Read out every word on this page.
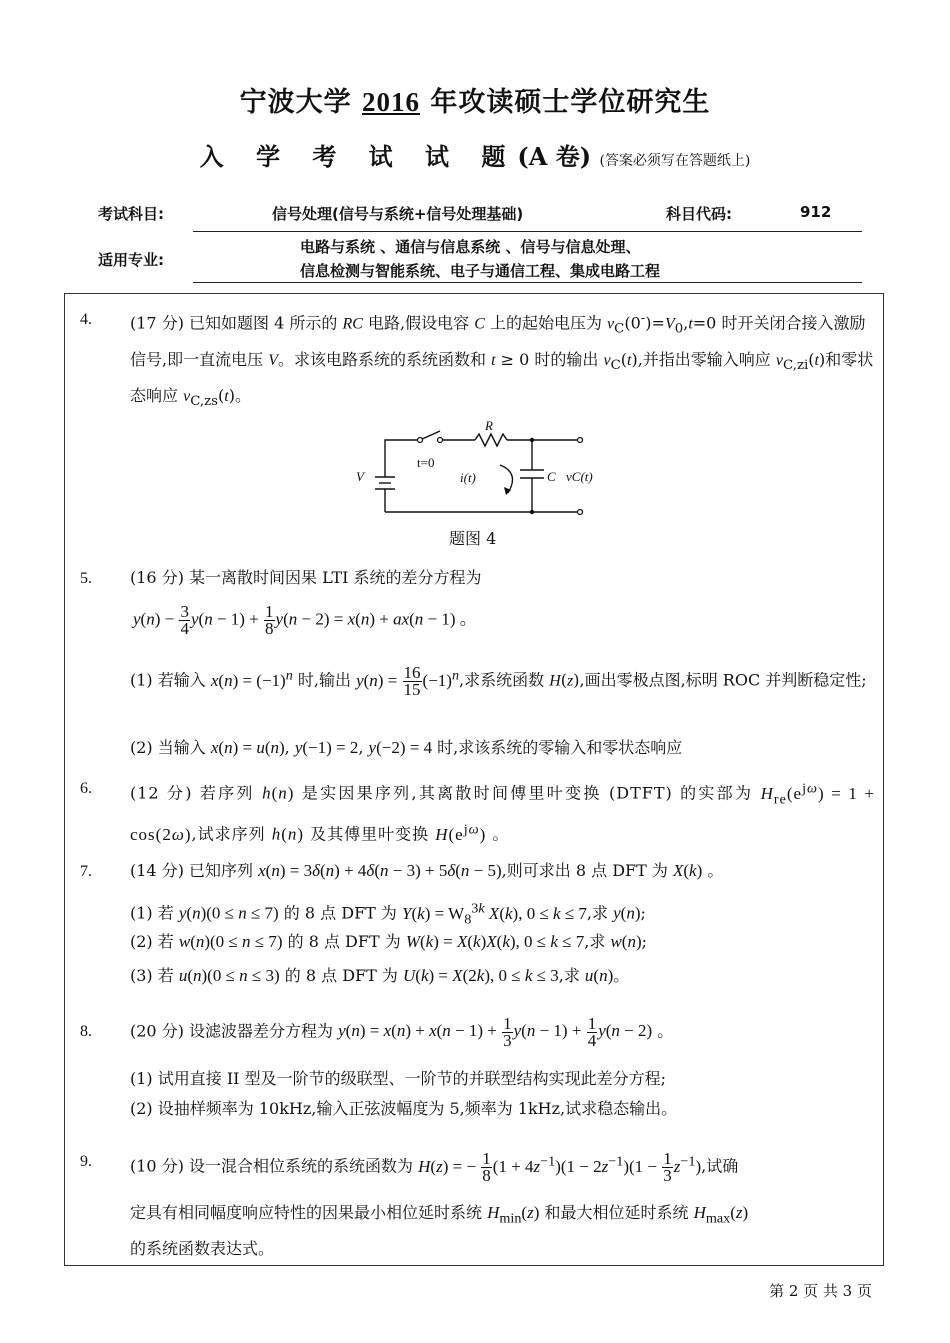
宁波大学 2016 年攻读硕士学位研究生
入 学 考 试 试 题(A 卷) (答案必须写在答题纸上)
考试科目:	信号处理(信号与系统+信号处理基础)	科目代码:	912
适用专业:
电路与系统 、通信与信息系统 、信号与信息处理、
信息检测与智能系统、电子与通信工程、集成电路工程
4. (17 分) 已知如题图 4 所示的 RC 电路,假设电容 C 上的起始电压为 $v_C(0^-)=V_0,t=0$ 时开关闭合接入激励信号,即一直流电压 V。求该电路系统的系统函数和 t ≥ 0 时的输出 $v_C(t)$,并指出零输入响应 $v_{C,zi}(t)$和零状态响应 $v_{C,zs}(t)$。
V
R
t=0
i(t)	C vC(t)
题图 4
5. (16 分) 某一离散时间因果 LTI 系统的差分方程为
$y(n) - \frac{3}{4} y(n - 1) + \frac{1}{8} y(n - 2) = x(n) + ax(n - 1)$ 。
(1) 若输入 $x(n) = (-1)^n$ 时,输出 $y(n) = \frac{16}{15} (-1)^n$,求系统函数 H(z),画出零极点图,标明 ROC 并判断稳定性;
(2) 当输入 x(n) = u(n), y(−1) = 2, y(−2) = 4 时,求该系统的零输入和零状态响应
6. (12 分) 若序列 h(n) 是实因果序列,其离散时间傅里叶变换 (DTFT) 的实部为 $H_{re}(e^{j\omega}) = 1 + \cos(2\omega)$,试求序列 h(n) 及其傅里叶变换 $H(e^{j\omega})$ 。
7. (14 分) 已知序列 x(n) = 3δ(n) + 4δ(n − 3) + 5δ(n − 5),则可求出 8 点 DFT 为 X(k) 。
(1) 若 y(n)(0 ≤ n ≤ 7) 的 8 点 DFT 为 $Y(k) = W_8^{3k}$ X(k), 0 ≤ k ≤ 7,求 y(n);
(2) 若 w(n)(0 ≤ n ≤ 7) 的 8 点 DFT 为 W(k) = X(k)X(k), 0 ≤ k ≤ 7,求 w(n);
(3) 若 u(n)(0 ≤ n ≤ 3) 的 8 点 DFT 为 U(k) = X(2k), 0 ≤ k ≤ 3,求 u(n)。
8. (20 分) 设滤波器差分方程为 $y(n) = x(n) + x(n - 1) + \frac{1}{3} y(n - 1) + \frac{1}{4} y(n - 2)$ 。
(1) 试用直接 II 型及一阶节的级联型、一阶节的并联型结构实现此差分方程;
(2) 设抽样频率为 10kHz,输入正弦波幅度为 5,频率为 1kHz,试求稳态输出。
9. (10 分) 设一混合相位系统的系统函数为 H(z) = − $\frac{1}{8} (1 + 4z^{-1})(1 - 2z^{-1})(1 - \frac{1}{3} z^{-1})$,试确
定具有相同幅度响应特性的因果最小相位延时系统 $H_{min}(z)$ 和最大相位延时系统 $H_{max}(z)$
的系统函数表达式。
第 2 页 共 3 页
